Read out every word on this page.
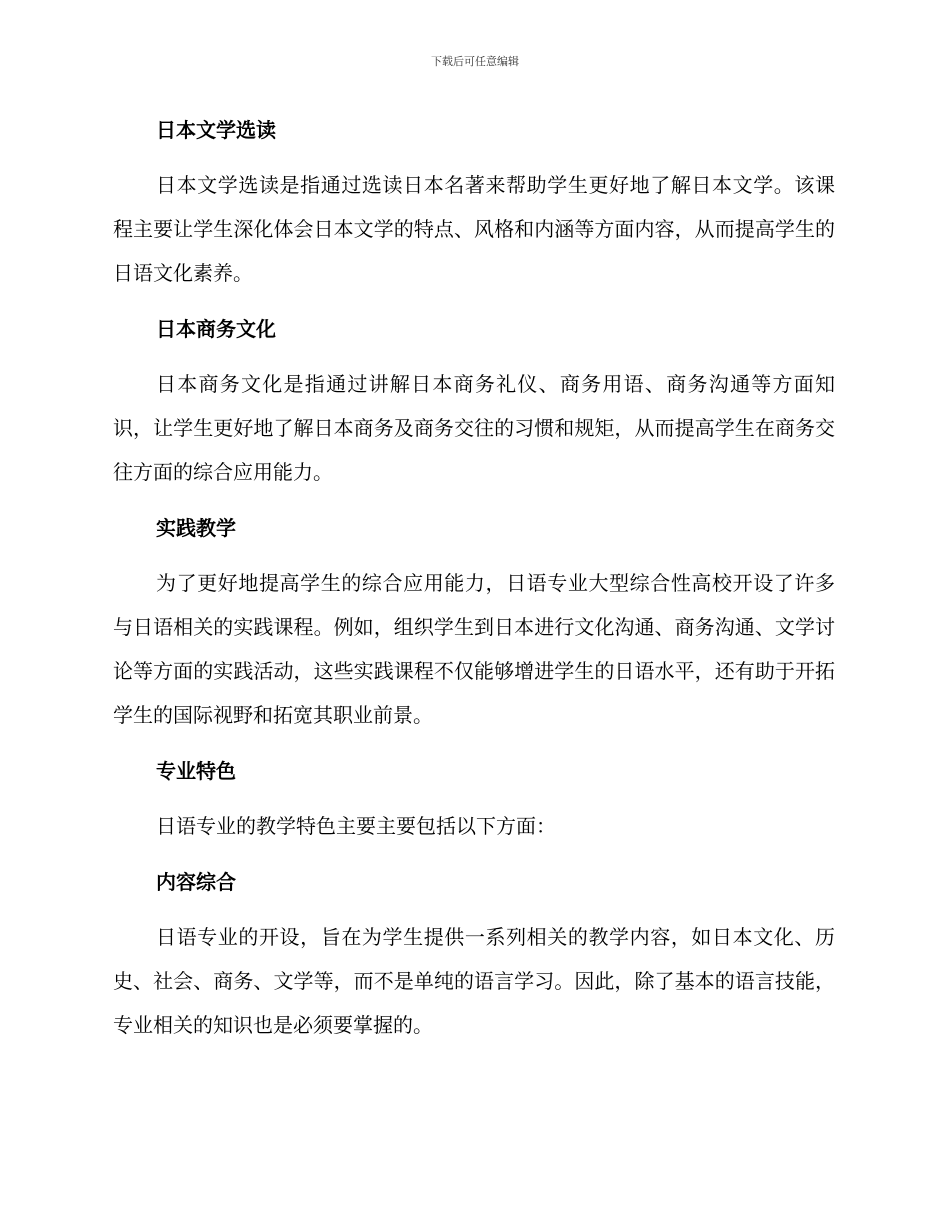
下载后可任意编辑
日本文学选读

日本文学选读是指通过选读日本名著来帮助学生更好地了解日本文学。该课程主要让学生深化体会日本文学的特点、风格和内涵等方面内容，从而提高学生的日语文化素养。

日本商务文化

日本商务文化是指通过讲解日本商务礼仪、商务用语、商务沟通等方面知识，让学生更好地了解日本商务及商务交往的习惯和规矩，从而提高学生在商务交往方面的综合应用能力。

实践教学

为了更好地提高学生的综合应用能力，日语专业大型综合性高校开设了许多与日语相关的实践课程。例如，组织学生到日本进行文化沟通、商务沟通、文学讨论等方面的实践活动，这些实践课程不仅能够增进学生的日语水平，还有助于开拓学生的国际视野和拓宽其职业前景。

专业特色

日语专业的教学特色主要主要包括以下方面：

内容综合

日语专业的开设，旨在为学生提供一系列相关的教学内容，如日本文化、历史、社会、商务、文学等，而不是单纯的语言学习。因此，除了基本的语言技能，专业相关的知识也是必须要掌握的。
